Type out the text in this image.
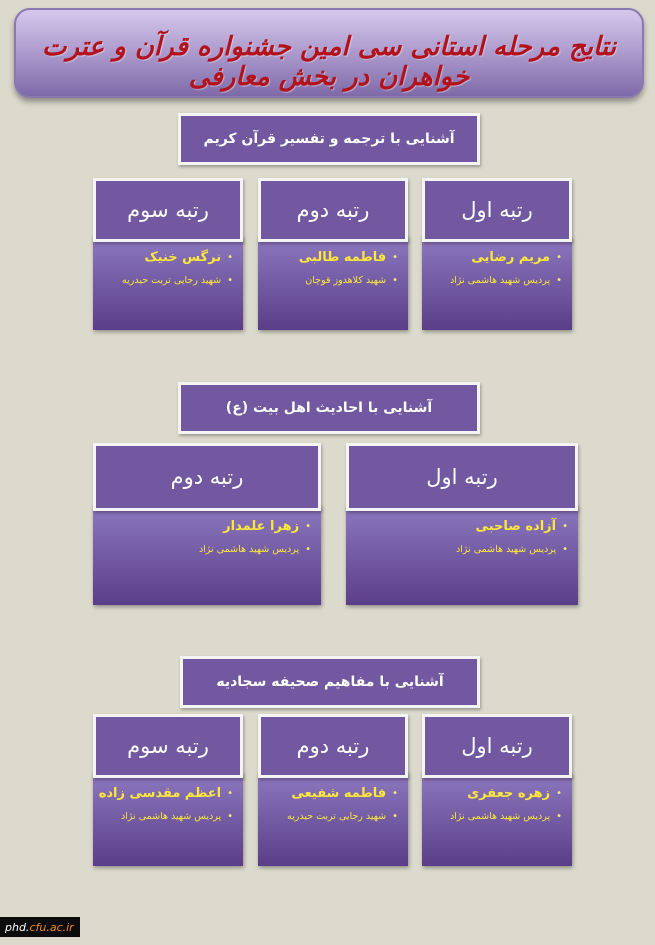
نتایج مرحله استانی سی امین جشنواره قرآن و عترت خواهران در بخش معارفی
آشنایی با ترجمه و تفسیر قرآن کریم
رتبه اول
•
مریم رضایی
•
پردیس شهید هاشمی نژاد
رتبه دوم
•
فاطمه طالبی
•
شهید کلاهدوز قوچان
رتبه سوم
•
نرگس خنیک
•
شهید رجایی تربت حیدریه
آشنایی با احادیث اهل بیت (ع)
رتبه اول
•
آزاده صاحبی
•
پردیس شهید هاشمی نژاد
رتبه دوم
•
زهرا علمدار
•
پردیس شهید هاشمی نژاد
آشنایی با مفاهیم صحیفه سجادیه
رتبه اول
•
زهره جعفری
•
پردیس شهید هاشمی نژاد
رتبه دوم
•
فاطمه شفیعی
•
شهید رجایی تربت حیدریه
رتبه سوم
•
اعظم مقدسی زاده
•
پردیس شهید هاشمی نژاد
phd. cfu.ac.ir
